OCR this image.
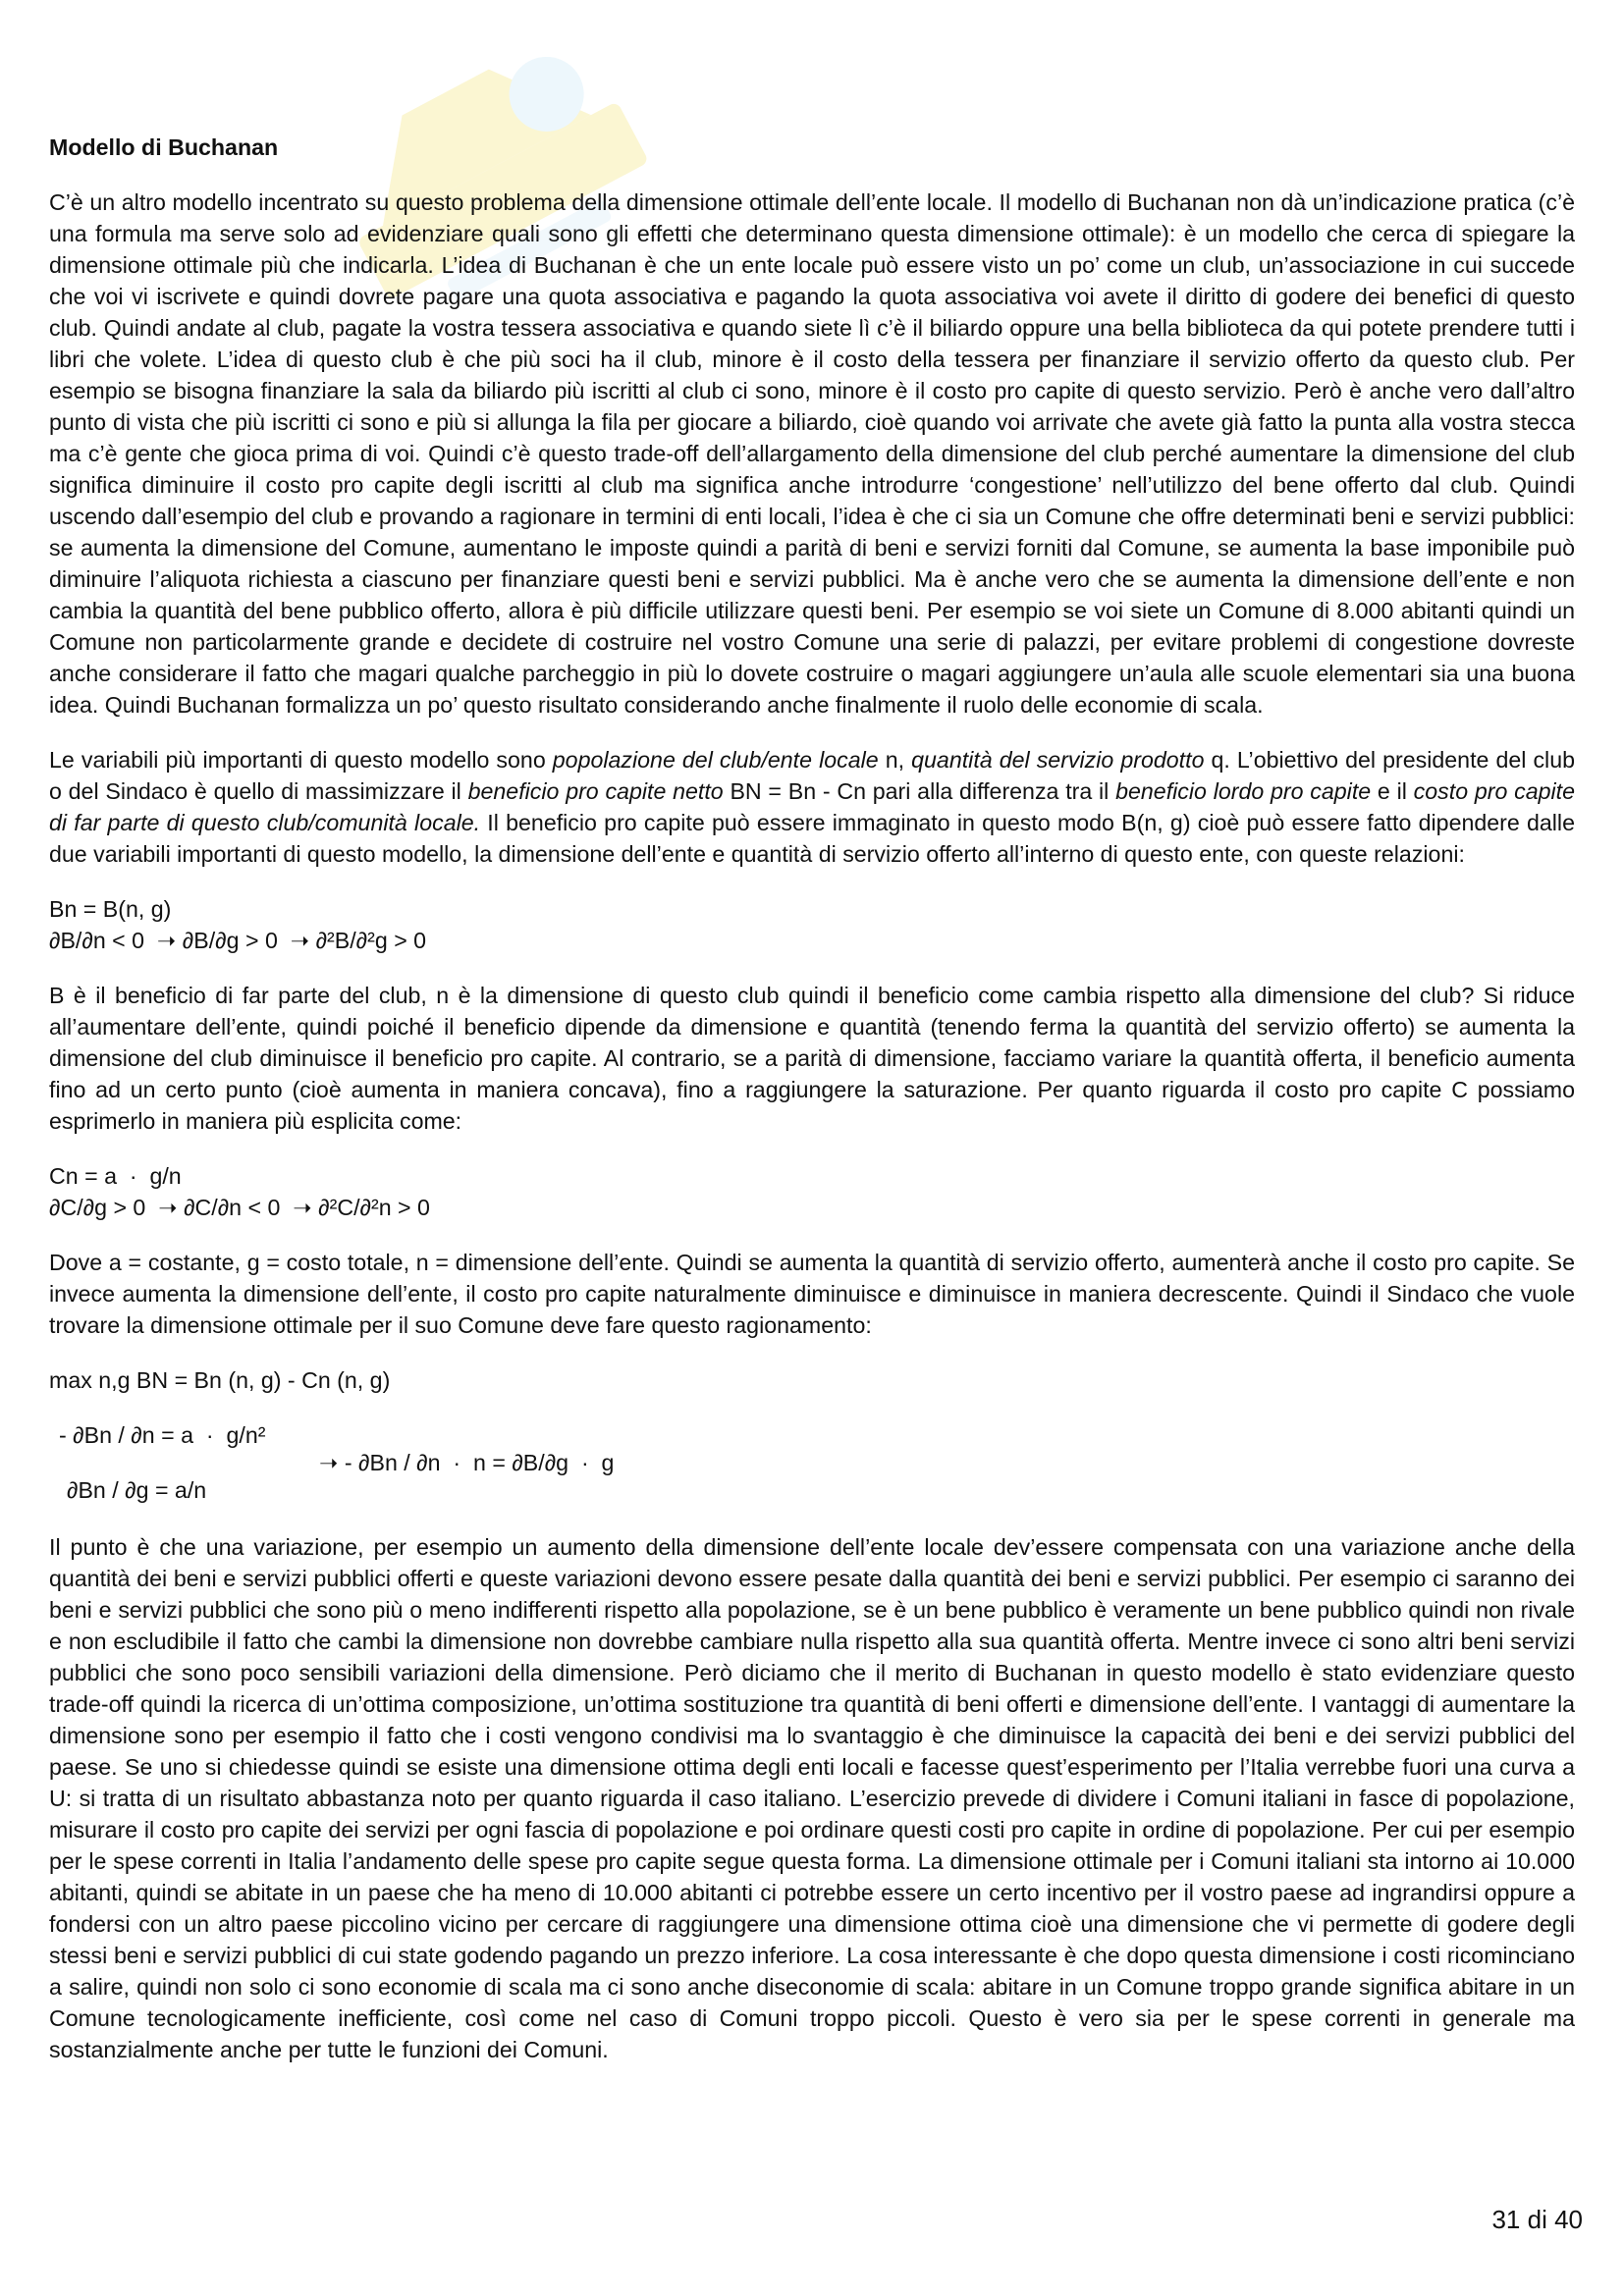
Modello di Buchanan

C’è un altro modello incentrato su questo problema della dimensione ottimale dell’ente locale. Il modello di Buchanan non dà un’indicazione pratica (c’è una formula ma serve solo ad evidenziare quali sono gli effetti che determinano questa dimensione ottimale): è un modello che cerca di spiegare la dimensione ottimale più che indicarla. L’idea di Buchanan è che un ente locale può essere visto un po’ come un club, un’associazione in cui succede che voi vi iscrivete e quindi dovrete pagare una quota associativa e pagando la quota associativa voi avete il diritto di godere dei benefici di questo club. Quindi andate al club, pagate la vostra tessera associativa e quando siete lì c’è il biliardo oppure una bella biblioteca da qui potete prendere tutti i libri che volete. L’idea di questo club è che più soci ha il club, minore è il costo della tessera per finanziare il servizio offerto da questo club. Per esempio se bisogna finanziare la sala da biliardo più iscritti al club ci sono, minore è il costo pro capite di questo servizio. Però è anche vero dall’altro punto di vista che più iscritti ci sono e più si allunga la fila per giocare a biliardo, cioè quando voi arrivate che avete già fatto la punta alla vostra stecca ma c’è gente che gioca prima di voi. Quindi c’è questo trade-off dell’allargamento della dimensione del club perché aumentare la dimensione del club significa diminuire il costo pro capite degli iscritti al club ma significa anche introdurre ‘congestione’ nell’utilizzo del bene offerto dal club. Quindi uscendo dall’esempio del club e provando a ragionare in termini di enti locali, l’idea è che ci sia un Comune che offre determinati beni e servizi pubblici: se aumenta la dimensione del Comune, aumentano le imposte quindi a parità di beni e servizi forniti dal Comune, se aumenta la base imponibile può diminuire l’aliquota richiesta a ciascuno per finanziare questi beni e servizi pubblici. Ma è anche vero che se aumenta la dimensione dell’ente e non cambia la quantità del bene pubblico offerto, allora è più difficile utilizzare questi beni. Per esempio se voi siete un Comune di 8.000 abitanti quindi un Comune non particolarmente grande e decidete di costruire nel vostro Comune una serie di palazzi, per evitare problemi di congestione dovreste anche considerare il fatto che magari qualche parcheggio in più lo dovete costruire o magari aggiungere un’aula alle scuole elementari sia una buona idea. Quindi Buchanan formalizza un po’ questo risultato considerando anche finalmente il ruolo delle economie di scala.

Le variabili più importanti di questo modello sono popolazione del club/ente locale n, quantità del servizio prodotto q. L’obiettivo del presidente del club o del Sindaco è quello di massimizzare il beneficio pro capite netto BN = Bn - Cn pari alla differenza tra il beneficio lordo pro capite e il costo pro capite di far parte di questo club/comunità locale. Il beneficio pro capite può essere immaginato in questo modo B(n, g) cioè può essere fatto dipendere dalle due variabili importanti di questo modello, la dimensione dell’ente e quantità di servizio offerto all’interno di questo ente, con queste relazioni:

Bn = B(n, g)
∂B/∂n < 0  ➝ ∂B/∂g > 0  ➝ ∂²B/∂²g > 0

B è il beneficio di far parte del club, n è la dimensione di questo club quindi il beneficio come cambia rispetto alla dimensione del club? Si riduce all’aumentare dell’ente, quindi poiché il beneficio dipende da dimensione e quantità (tenendo ferma la quantità del servizio offerto) se aumenta la dimensione del club diminuisce il beneficio pro capite. Al contrario, se a parità di dimensione, facciamo variare la quantità offerta, il beneficio aumenta fino ad un certo punto (cioè aumenta in maniera concava), fino a raggiungere la saturazione. Per quanto riguarda il costo pro capite C possiamo esprimerlo in maniera più esplicita come:

Cn = a  ·  g/n
∂C/∂g > 0  ➝ ∂C/∂n < 0  ➝ ∂²C/∂²n > 0

Dove a = costante, g = costo totale, n = dimensione dell’ente. Quindi se aumenta la quantità di servizio offerto, aumenterà anche il costo pro capite. Se invece aumenta la dimensione dell’ente, il costo pro capite naturalmente diminuisce e diminuisce in maniera decrescente. Quindi il Sindaco che vuole trovare la dimensione ottimale per il suo Comune deve fare questo ragionamento:

max n,g BN = Bn (n, g) - Cn (n, g)
- ∂Bn / ∂n = a  ·  g/n²
➝ - ∂Bn / ∂n  ·  n = ∂B/∂g  ·  g
∂Bn / ∂g = a/n

Il punto è che una variazione, per esempio un aumento della dimensione dell’ente locale dev’essere compensata con una variazione anche della quantità dei beni e servizi pubblici offerti e queste variazioni devono essere pesate dalla quantità dei beni e servizi pubblici. Per esempio ci saranno dei beni e servizi pubblici che sono più o meno indifferenti rispetto alla popolazione, se è un bene pubblico è veramente un bene pubblico quindi non rivale e non escludibile il fatto che cambi la dimensione non dovrebbe cambiare nulla rispetto alla sua quantità offerta. Mentre invece ci sono altri beni servizi pubblici che sono poco sensibili variazioni della dimensione. Però diciamo che il merito di Buchanan in questo modello è stato evidenziare questo trade-off quindi la ricerca di un’ottima composizione, un’ottima sostituzione tra quantità di beni offerti e dimensione dell’ente. I vantaggi di aumentare la dimensione sono per esempio il fatto che i costi vengono condivisi ma lo svantaggio è che diminuisce la capacità dei beni e dei servizi pubblici del paese. Se uno si chiedesse quindi se esiste una dimensione ottima degli enti locali e facesse quest’esperimento per l’Italia verrebbe fuori una curva a U: si tratta di un risultato abbastanza noto per quanto riguarda il caso italiano. L’esercizio prevede di dividere i Comuni italiani in fasce di popolazione, misurare il costo pro capite dei servizi per ogni fascia di popolazione e poi ordinare questi costi pro capite in ordine di popolazione. Per cui per esempio per le spese correnti in Italia l’andamento delle spese pro capite segue questa forma. La dimensione ottimale per i Comuni italiani sta intorno ai 10.000 abitanti, quindi se abitate in un paese che ha meno di 10.000 abitanti ci potrebbe essere un certo incentivo per il vostro paese ad ingrandirsi oppure a fondersi con un altro paese piccolino vicino per cercare di raggiungere una dimensione ottima cioè una dimensione che vi permette di godere degli stessi beni e servizi pubblici di cui state godendo pagando un prezzo inferiore. La cosa interessante è che dopo questa dimensione i costi ricominciano a salire, quindi non solo ci sono economie di scala ma ci sono anche diseconomie di scala: abitare in un Comune troppo grande significa abitare in un Comune tecnologicamente inefficiente, così come nel caso di Comuni troppo piccoli. Questo è vero sia per le spese correnti in generale ma sostanzialmente anche per tutte le funzioni dei Comuni.

31 di 40
